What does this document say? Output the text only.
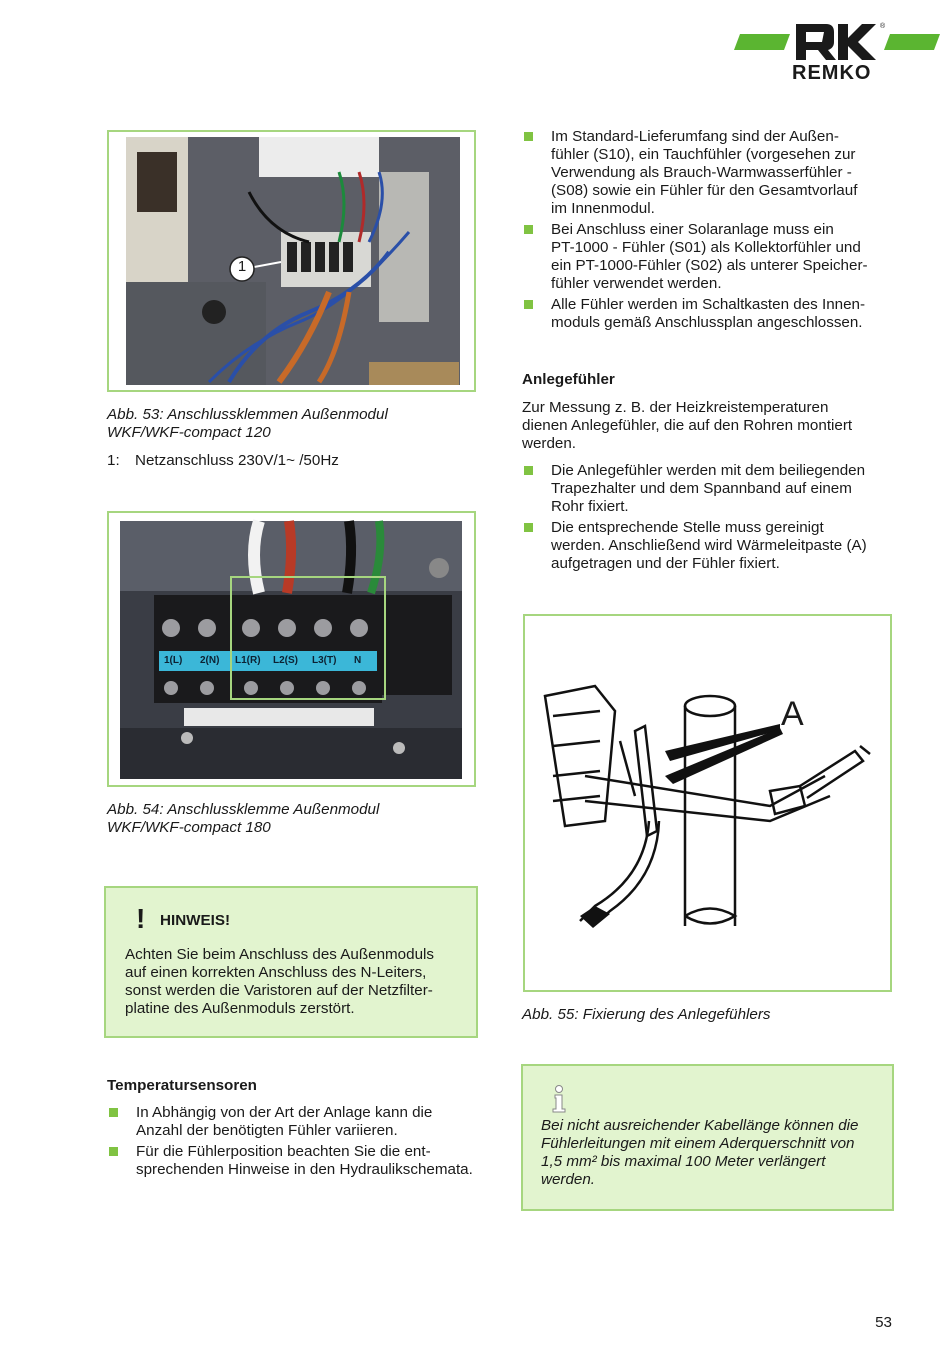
®
REMKO
1
Abb. 53: Anschlussklemmen Außenmodul
WKF/WKF-compact 120
1: Netzanschluss 230V/1~ /50Hz
1(L) 2(N) L1(R) L2(S) L3(T) N
Abb. 54: Anschlussklemme Außenmodul
WKF/WKF-compact 180
! HINWEIS!
Achten Sie beim Anschluss des Außenmoduls
auf einen korrekten Anschluss des N-Leiters,
sonst werden die Varistoren auf der Netzfilter-
platine des Außenmoduls zerstört.
Temperatursensoren
In Abhängig von der Art der Anlage kann die
Anzahl der benötigten Fühler variieren.
Für die Fühlerposition beachten Sie die ent-
sprechenden Hinweise in den Hydraulikschemata.
Im Standard-Lieferumfang sind der Außen-
fühler (S10), ein Tauchfühler (vorgesehen zur
Verwendung als Brauch-Warmwasserfühler -
(S08) sowie ein Fühler für den Gesamtvorlauf
im Innenmodul.
Bei Anschluss einer Solaranlage muss ein
PT-1000 - Fühler (S01) als Kollektorfühler und
ein PT-1000-Fühler (S02) als unterer Speicher-
fühler verwendet werden.
Alle Fühler werden im Schaltkasten des Innen-
moduls gemäß Anschlussplan angeschlossen.
Anlegefühler
Zur Messung z. B. der Heizkreistemperaturen
dienen Anlegefühler, die auf den Rohren montiert
werden.
Die Anlegefühler werden mit dem beiliegenden
Trapezhalter und dem Spannband auf einem
Rohr fixiert.
Die entsprechende Stelle muss gereinigt
werden. Anschließend wird Wärmeleitpaste (A)
aufgetragen und der Fühler fixiert.
A
Abb. 55: Fixierung des Anlegefühlers
Bei nicht ausreichender Kabellänge können die
Fühlerleitungen mit einem Aderquerschnitt von
1,5 mm² bis maximal 100 Meter verlängert
werden.
53
